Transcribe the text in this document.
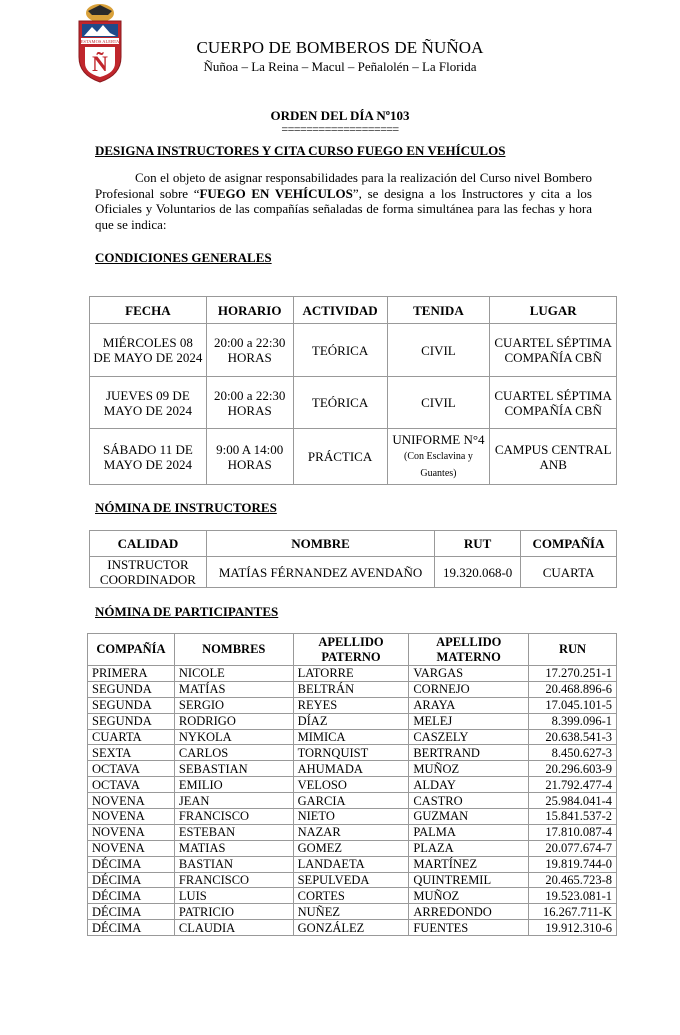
ESTAMOS ALERTA
Ñ
CUERPO DE BOMBEROS DE ÑUÑOA
Ñuñoa – La Reina – Macul – Peñalolén – La Florida
ORDEN DEL DÍA Nº103
===================
DESIGNA INSTRUCTORES Y CITA CURSO FUEGO EN VEHÍCULOS
Con el objeto de asignar responsabilidades para la realización del Curso nivel Bombero Profesional sobre “FUEGO EN VEHÍCULOS”, se designa a los Instructores y cita a los Oficiales y Voluntarios de las compañías señaladas de forma simultánea para las fechas y hora que se indica:
CONDICIONES GENERALES
FECHA	HORARIO	ACTIVIDAD	TENIDA	LUGAR
MIÉRCOLES 08 DE MAYO DE 2024	20:00 a 22:30 HORAS	TEÓRICA	CIVIL	CUARTEL SÉPTIMA COMPAÑÍA CBÑ
JUEVES 09 DE MAYO DE 2024	20:00 a 22:30 HORAS	TEÓRICA	CIVIL	CUARTEL SÉPTIMA COMPAÑÍA CBÑ
SÁBADO 11 DE MAYO DE 2024	9:00 A 14:00 HORAS	PRÁCTICA	UNIFORME N°4 (Con Esclavina y Guantes)	CAMPUS CENTRAL ANB
NÓMINA DE INSTRUCTORES
CALIDAD	NOMBRE	RUT	COMPAÑÍA
INSTRUCTOR COORDINADOR	MATÍAS FÉRNANDEZ AVENDAÑO	19.320.068-0	CUARTA
NÓMINA DE PARTICIPANTES
COMPAÑÍA	NOMBRES	APELLIDO PATERNO	APELLIDO MATERNO	RUN
PRIMERA	NICOLE	LATORRE	VARGAS	17.270.251-1
SEGUNDA	MATÍAS	BELTRÁN	CORNEJO	20.468.896-6
SEGUNDA	SERGIO	REYES	ARAYA	17.045.101-5
SEGUNDA	RODRIGO	DÍAZ	MELEJ	8.399.096-1
CUARTA	NYKOLA	MIMICA	CASZELY	20.638.541-3
SEXTA	CARLOS	TORNQUIST	BERTRAND	8.450.627-3
OCTAVA	SEBASTIAN	AHUMADA	MUÑOZ	20.296.603-9
OCTAVA	EMILIO	VELOSO	ALDAY	21.792.477-4
NOVENA	JEAN	GARCIA	CASTRO	25.984.041-4
NOVENA	FRANCISCO	NIETO	GUZMAN	15.841.537-2
NOVENA	ESTEBAN	NAZAR	PALMA	17.810.087-4
NOVENA	MATIAS	GOMEZ	PLAZA	20.077.674-7
DÉCIMA	BASTIAN	LANDAETA	MARTÍNEZ	19.819.744-0
DÉCIMA	FRANCISCO	SEPULVEDA	QUINTREMIL	20.465.723-8
DÉCIMA	LUIS	CORTES	MUÑOZ	19.523.081-1
DÉCIMA	PATRICIO	NUÑEZ	ARREDONDO	16.267.711-K
DÉCIMA	CLAUDIA	GONZÁLEZ	FUENTES	19.912.310-6
